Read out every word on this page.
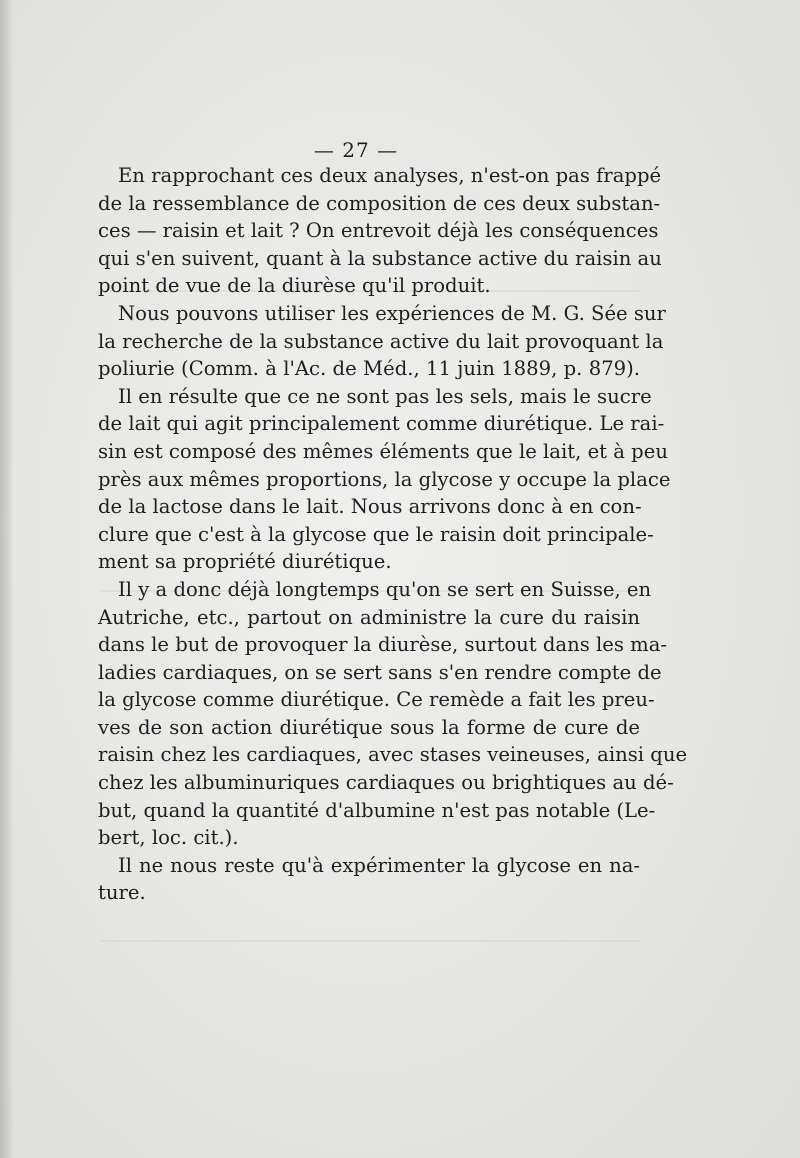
— 27 —
En rapprochant ces deux analyses, n'est-on pas frappé
de la ressemblance de composition de ces deux substan-
ces — raisin et lait ? On entrevoit déjà les conséquences
qui s'en suivent, quant à la substance active du raisin au
point de vue de la diurèse qu'il produit.
Nous pouvons utiliser les expériences de M. G. Sée sur
la recherche de la substance active du lait provoquant la
poliurie (Comm. à l'Ac. de Méd., 11 juin 1889, p. 879).
Il en résulte que ce ne sont pas les sels, mais le sucre
de lait qui agit principalement comme diurétique. Le rai-
sin est composé des mêmes éléments que le lait, et à peu
près aux mêmes proportions, la glycose y occupe la place
de la lactose dans le lait. Nous arrivons donc à en con-
clure que c'est à la glycose que le raisin doit principale-
ment sa propriété diurétique.
Il y a donc déjà longtemps qu'on se sert en Suisse, en
Autriche, etc., partout on administre la cure du raisin
dans le but de provoquer la diurèse, surtout dans les ma-
ladies cardiaques, on se sert sans s'en rendre compte de
la glycose comme diurétique. Ce remède a fait les preu-
ves de son action diurétique sous la forme de cure de
raisin chez les cardiaques, avec stases veineuses, ainsi que
chez les albuminuriques cardiaques ou brightiques au dé-
but, quand la quantité d'albumine n'est pas notable (Le-
bert, loc. cit.).
Il ne nous reste qu'à expérimenter la glycose en na-
ture.
